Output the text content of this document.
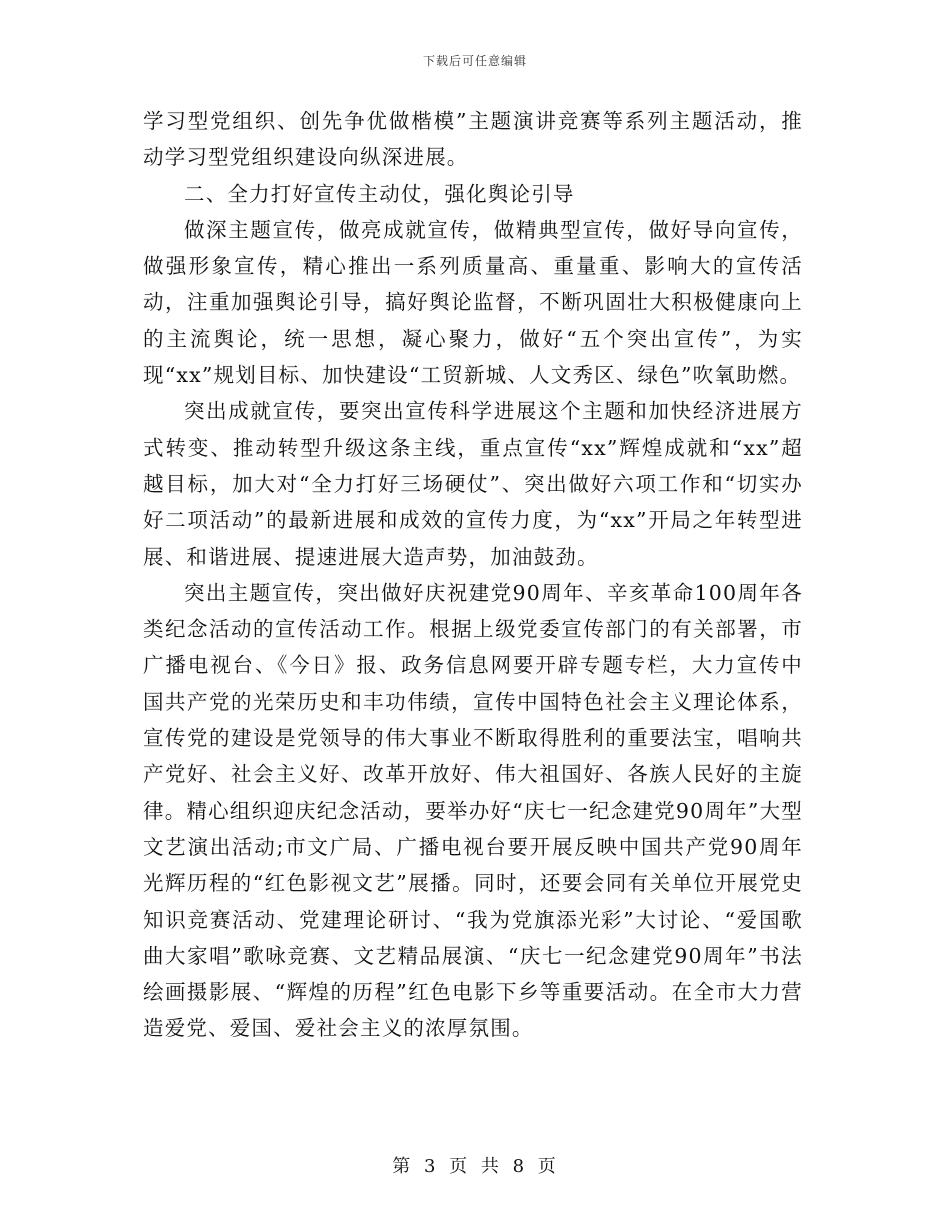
下载后可任意编辑

学习型党组织、创先争优做楷模”主题演讲竞赛等系列主题活动，推动学习型党组织建设向纵深进展。

二、全力打好宣传主动仗，强化舆论引导

做深主题宣传，做亮成就宣传，做精典型宣传，做好导向宣传，做强形象宣传，精心推出一系列质量高、重量重、影响大的宣传活动，注重加强舆论引导，搞好舆论监督，不断巩固壮大积极健康向上的主流舆论，统一思想，凝心聚力，做好“五个突出宣传”，为实现“xx”规划目标、加快建设“工贸新城、人文秀区、绿色”吹氧助燃。

突出成就宣传，要突出宣传科学进展这个主题和加快经济进展方式转变、推动转型升级这条主线，重点宣传“xx”辉煌成就和“xx”超越目标，加大对“全力打好三场硬仗”、突出做好六项工作和“切实办好二项活动”的最新进展和成效的宣传力度，为“xx”开局之年转型进展、和谐进展、提速进展大造声势，加油鼓劲。

突出主题宣传，突出做好庆祝建党90周年、辛亥革命100周年各类纪念活动的宣传活动工作。根据上级党委宣传部门的有关部署，市广播电视台、《今日》报、政务信息网要开辟专题专栏，大力宣传中国共产党的光荣历史和丰功伟绩，宣传中国特色社会主义理论体系，宣传党的建设是党领导的伟大事业不断取得胜利的重要法宝，唱响共产党好、社会主义好、改革开放好、伟大祖国好、各族人民好的主旋律。精心组织迎庆纪念活动，要举办好“庆七一纪念建党90周年”大型文艺演出活动;市文广局、广播电视台要开展反映中国共产党90周年光辉历程的“红色影视文艺”展播。同时，还要会同有关单位开展党史知识竞赛活动、党建理论研讨、“我为党旗添光彩”大讨论、“爱国歌曲大家唱”歌咏竞赛、文艺精品展演、“庆七一纪念建党90周年”书法绘画摄影展、“辉煌的历程”红色电影下乡等重要活动。在全市大力营造爱党、爱国、爱社会主义的浓厚氛围。

第 3 页 共 8 页
